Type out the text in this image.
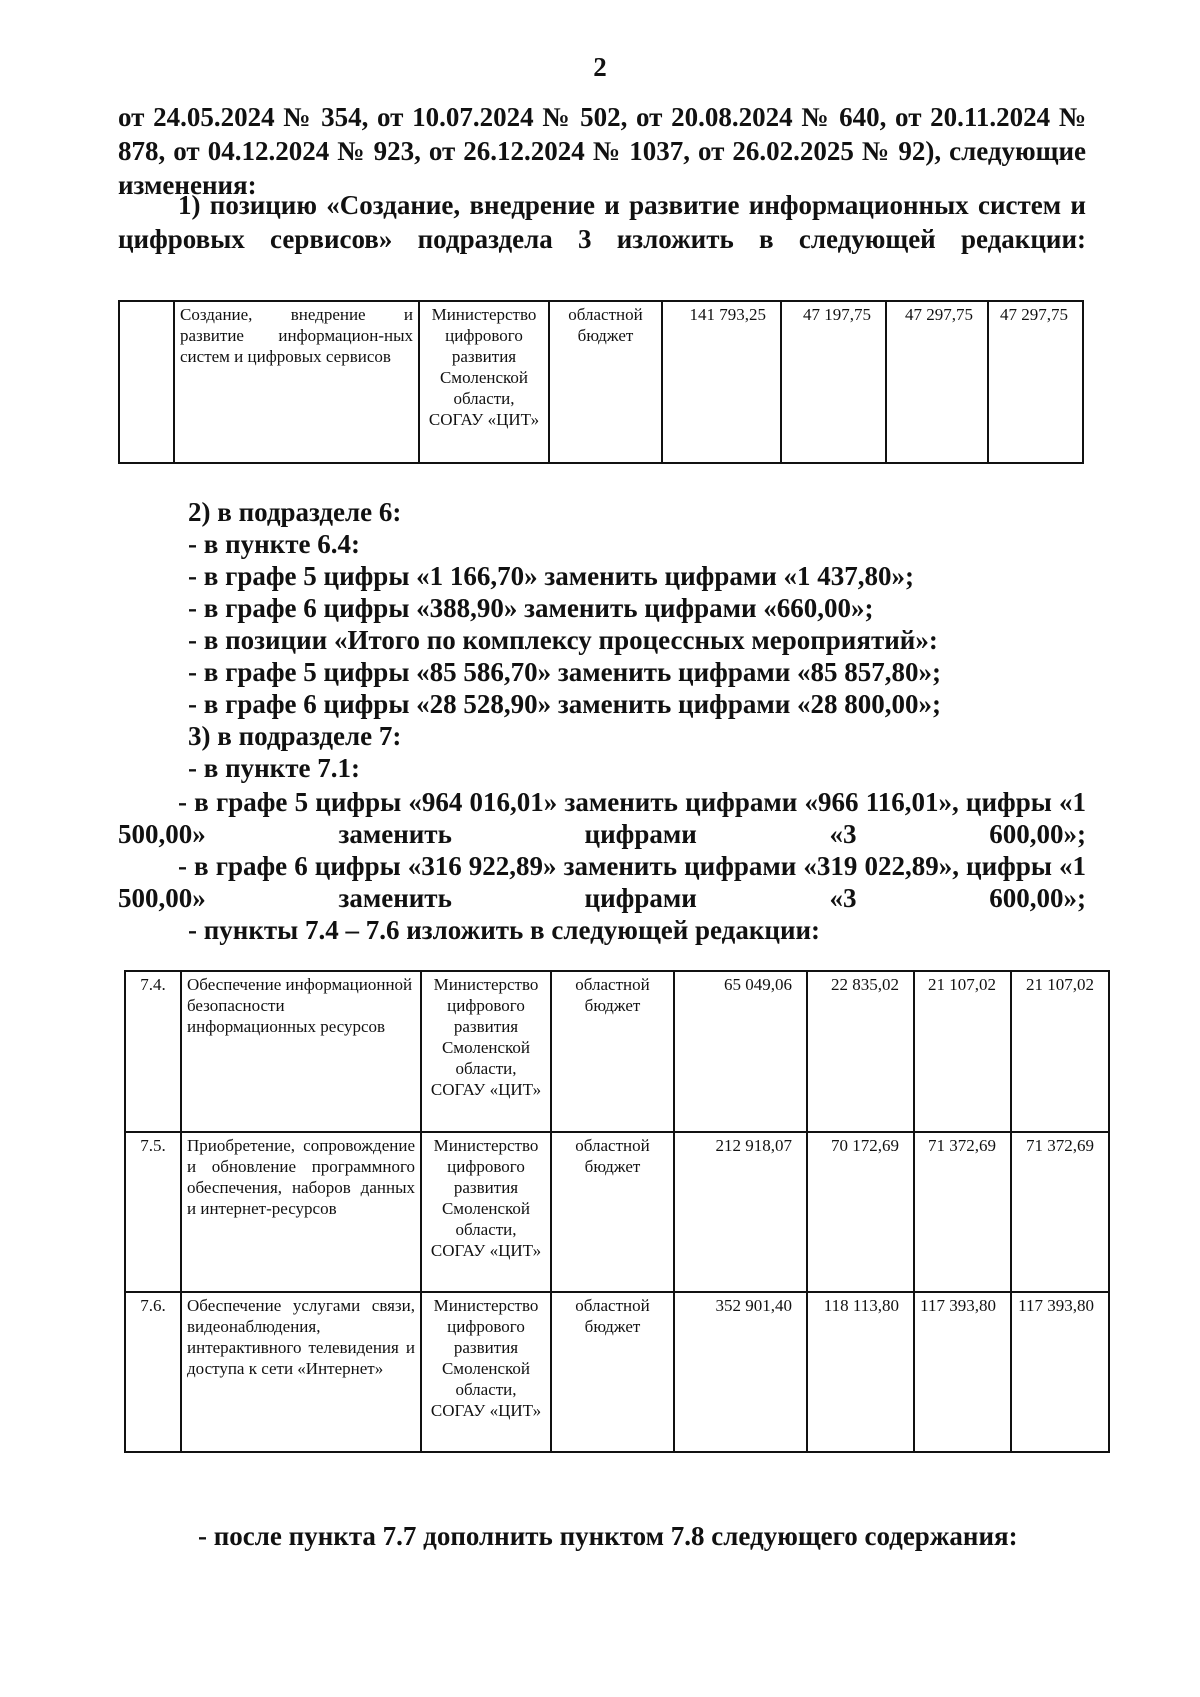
2

от 24.05.2024 № 354, от 10.07.2024 № 502, от 20.08.2024 № 640, от 20.11.2024 № 878, от 04.12.2024 № 923, от 26.12.2024 № 1037, от 26.02.2025 № 92), следующие изменения:

1) позицию «Создание, внедрение и развитие информационных систем и цифровых сервисов» подраздела 3 изложить в следующей редакции:

	Создание, внедрение и развитие информацион-ных систем и цифровых сервисов	Министерство цифрового развития Смоленской области, СОГАУ «ЦИТ»	областной бюджет	141 793,25	47 197,75	47 297,75	47 297,75
2) в подразделе 6:
- в пункте 6.4:
- в графе 5 цифры «1 166,70» заменить цифрами «1 437,80»;
- в графе 6 цифры «388,90» заменить цифрами «660,00»;
- в позиции «Итого по комплексу процессных мероприятий»:
- в графе 5 цифры «85 586,70» заменить цифрами «85 857,80»;
- в графе 6 цифры «28 528,90» заменить цифрами «28 800,00»;
3) в подразделе 7:
- в пункте 7.1:

- в графе 5 цифры «964 016,01» заменить цифрами «966 116,01», цифры «1 500,00» заменить цифрами «3 600,00»;

- в графе 6 цифры «316 922,89» заменить цифрами «319 022,89», цифры «1 500,00» заменить цифрами «3 600,00»;

- пункты 7.4 – 7.6 изложить в следующей редакции:
7.4.	Обеспечение информационной безопасности информационных ресурсов	Министерство цифрового развития Смоленской области, СОГАУ «ЦИТ»	областной бюджет	65 049,06	22 835,02	21 107,02	21 107,02
7.5.	Приобретение, сопровождение и обновление программного обеспечения, наборов данных и интернет-ресурсов	Министерство цифрового развития Смоленской области, СОГАУ «ЦИТ»	областной бюджет	212 918,07	70 172,69	71 372,69	71 372,69
7.6.	Обеспечение услугами связи, видеонаблюдения, интерактивного телевидения и доступа к сети «Интернет»	Министерство цифрового развития Смоленской области, СОГАУ «ЦИТ»	областной бюджет	352 901,40	118 113,80	117 393,80	117 393,80
- после пункта 7.7 дополнить пунктом 7.8 следующего содержания:
